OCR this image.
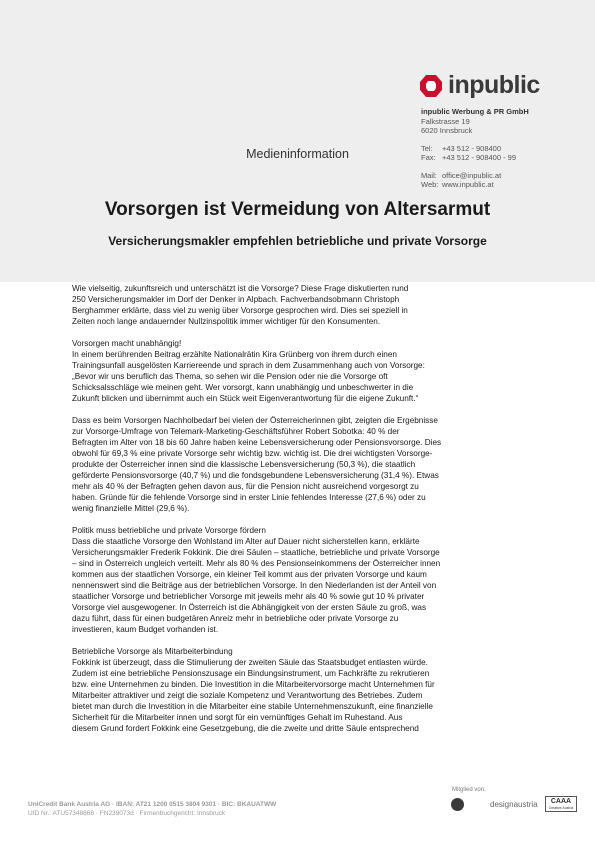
inpublic
inpublic Werbung & PR GmbH
Falkstrasse 19
6020 Innsbruck
Tel:	+43 512 - 908400
Fax: +43 512 - 908400 - 99
Mail: office@inpublic.at
Web: www.inpublic.at
Medieninformation
Vorsorgen ist Vermeidung von Altersarmut
Versicherungsmakler empfehlen betriebliche und private Vorsorge

Wie vielseitig, zukunftsreich und unterschätzt ist die Vorsorge? Diese Frage diskutierten rund
250 Versicherungsmakler im Dorf der Denker in Alpbach. Fachverbandsobmann Christoph
Berghammer erklärte, dass viel zu wenig über Vorsorge gesprochen wird. Dies sei speziell in
Zeiten noch lange andauernder Nullzinspolitik immer wichtiger für den Konsumenten.

Vorsorgen macht unabhängig!
In einem berührenden Beitrag erzählte Nationalrätin Kira Grünberg von ihrem durch einen
Trainingsunfall ausgelösten Karriereende und sprach in dem Zusammenhang auch von Vorsorge:
„Bevor wir uns beruflich das Thema, so sehen wir die Pension oder nie die Vorsorge oft
Schicksalsschläge wie meinen geht. Wer vorsorgt, kann unabhängig und unbeschwerter in die
Zukunft blicken und übernimmt auch ein Stück weit Eigenverantwortung für die eigene Zukunft.“

Dass es beim Vorsorgen Nachholbedarf bei vielen der Österreicherinnen gibt, zeigten die Ergebnisse
zur Vorsorge-Umfrage von Telemark-Marketing-Geschäftsführer Robert Sobotka: 40 % der
Befragten im Alter von 18 bis 60 Jahre haben keine Lebensversicherung oder Pensionsvorsorge. Dies
obwohl für 69,3 % eine private Vorsorge sehr wichtig bzw. wichtig ist. Die drei wichtigsten Vorsorge-
produkte der Österreicher innen sind die klassische Lebensversicherung (50,3 %), die staatlich
geförderte Pensionsvorsorge (40,7 %) und die fondsgebundene Lebensversicherung (31,4 %). Etwas
mehr als 40 % der Befragten gehen davon aus, für die Pension nicht ausreichend vorgesorgt zu
haben. Gründe für die fehlende Vorsorge sind in erster Linie fehlendes Interesse (27,6 %) oder zu
wenig finanzielle Mittel (29,6 %).

Politik muss betriebliche und private Vorsorge fördern
Dass die staatliche Vorsorge den Wohlstand im Alter auf Dauer nicht sicherstellen kann, erklärte
Versicherungsmakler Frederik Fokkink. Die drei Säulen – staatliche, betriebliche und private Vorsorge
– sind in Österreich ungleich verteilt. Mehr als 80 % des Pensionseinkommens der Österreicher innen
kommen aus der staatlichen Vorsorge, ein kleiner Teil kommt aus der privaten Vorsorge und kaum
nennenswert sind die Beiträge aus der betrieblichen Vorsorge. In den Niederlanden ist der Anteil von
staatlicher Vorsorge und betrieblicher Vorsorge mit jeweils mehr als 40 % sowie gut 10 % privater
Vorsorge viel ausgewogener. In Österreich ist die Abhängigkeit von der ersten Säule zu groß, was
dazu führt, dass für einen budgetären Anreiz mehr in betriebliche oder private Vorsorge zu
investieren, kaum Budget vorhanden ist.

Betriebliche Vorsorge als Mitarbeiterbindung
Fokkink ist überzeugt, dass die Stimulierung der zweiten Säule das Staatsbudget entlasten würde.
Zudem ist eine betriebliche Pensionszusage ein Bindungsinstrument, um Fachkräfte zu rekrutieren
bzw. eine Unternehmen zu binden. Die Investition in die Mitarbeitervorsorge macht Unternehmen für
Mitarbeiter attraktiver und zeigt die soziale Kompetenz und Verantwortung des Betriebes. Zudem
bietet man durch die Investition in die Mitarbeiter eine stabile Unternehmenszukunft, eine finanzielle
Sicherheit für die Mitarbeiter innen und sorgt für ein vernünftiges Gehalt im Ruhestand. Aus
diesem Grund fordert Fokkink eine Gesetzgebung, die die zweite und dritte Säule entsprechend

UniCredit Bank Austria AG · IBAN: AT21 1200 0515 3804 9301 · BIC: BKAUATWW
UID Nr.: ATU57348668 · FN239073d · Firmenbuchgericht: Innsbruck
Mitglied von:
designaustria	CAAA
Creative Austria
